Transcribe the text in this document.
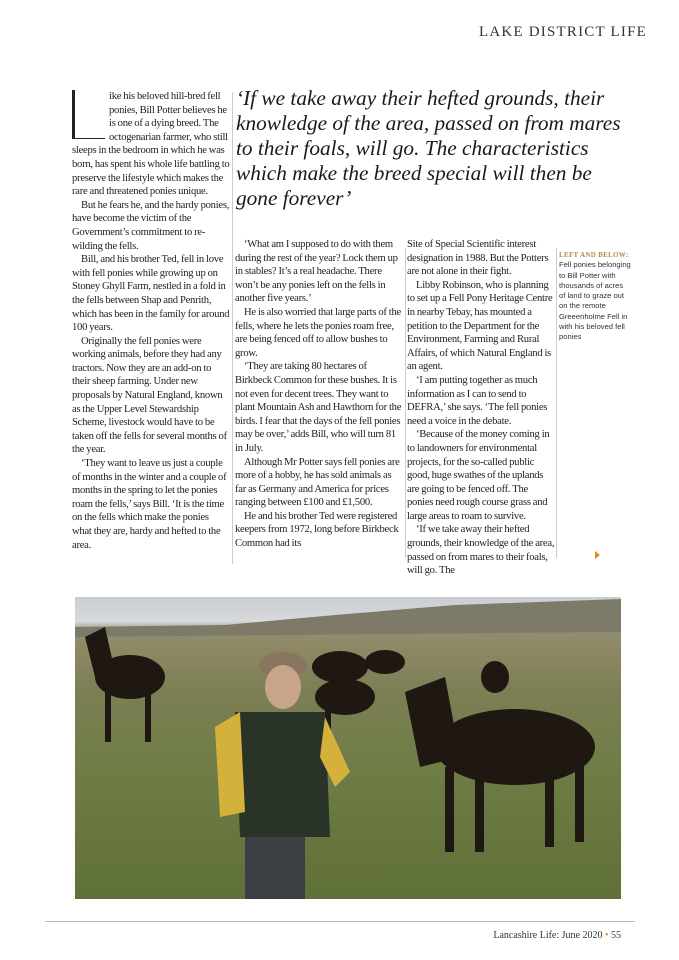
LAKE DISTRICT LIFE

ike his beloved hill-bred fell ponies, Bill Potter believes he is one of a dying breed. The octogenarian farmer, who still sleeps in the bedroom in which he was born, has spent his whole life battling to preserve the lifestyle which makes the rare and threatened ponies unique.

But he fears he, and the hardy ponies, have become the victim of the Government’s commitment to re-wilding the fells.

Bill, and his brother Ted, fell in love with fell ponies while growing up on Stoney Ghyll Farm, nestled in a fold in the fells between Shap and Penrith, which has been in the family for around 100 years.

Originally the fell ponies were working animals, before they had any tractors. Now they are an add-on to their sheep farming. Under new proposals by Natural England, known as the Upper Level Stewardship Scheme, livestock would have to be taken off the fells for several months of the year.

‘They want to leave us just a couple of months in the winter and a couple of months in the spring to let the ponies roam the fells,’ says Bill. ‘It is the time on the fells which make the ponies what they are, hardy and hefted to the area.

‘If we take away their hefted grounds, their knowledge of the area, passed on from mares to their foals, will go. The characteristics which make the breed special will then be gone forever’

‘What am I supposed to do with them during the rest of the year? Lock them up in stables? It’s a real headache. There won’t be any ponies left on the fells in another five years.’

He is also worried that large parts of the fells, where he lets the ponies roam free, are being fenced off to allow bushes to grow.

‘They are taking 80 hectares of Birkbeck Common for these bushes. It is not even for decent trees. They want to plant Mountain Ash and Hawthorn for the birds. I fear that the days of the fell ponies may be over,’ adds Bill, who will turn 81 in July.

Although Mr Potter says fell ponies are more of a hobby, he has sold animals as far as Germany and America for prices ranging between £100 and £1,500.

He and his brother Ted were registered keepers from 1972, long before Birkbeck Common had its

Site of Special Scientific interest designation in 1988. But the Potters are not alone in their fight.

Libby Robinson, who is planning to set up a Fell Pony Heritage Centre in nearby Tebay, has mounted a petition to the Department for the Environment, Farming and Rural Affairs, of which Natural England is an agent.

‘I am putting together as much information as I can to send to DEFRA,’ she says. ‘The fell ponies need a voice in the debate.

‘Because of the money coming in to landowners for environmental projects, for the so-called public good, huge swathes of the uplands are going to be fenced off. The ponies need rough course grass and large areas to roam to survive.

‘If we take away their hefted grounds, their knowledge of the area, passed on from mares to their foals, will go. The

LEFT AND BELOW:
Fell ponies belonging to Bill Potter with thousands of acres of land to graze out on the remote Greeenholme Fell in with his beloved fell ponies
Lancashire Life: June 2020 • 55
